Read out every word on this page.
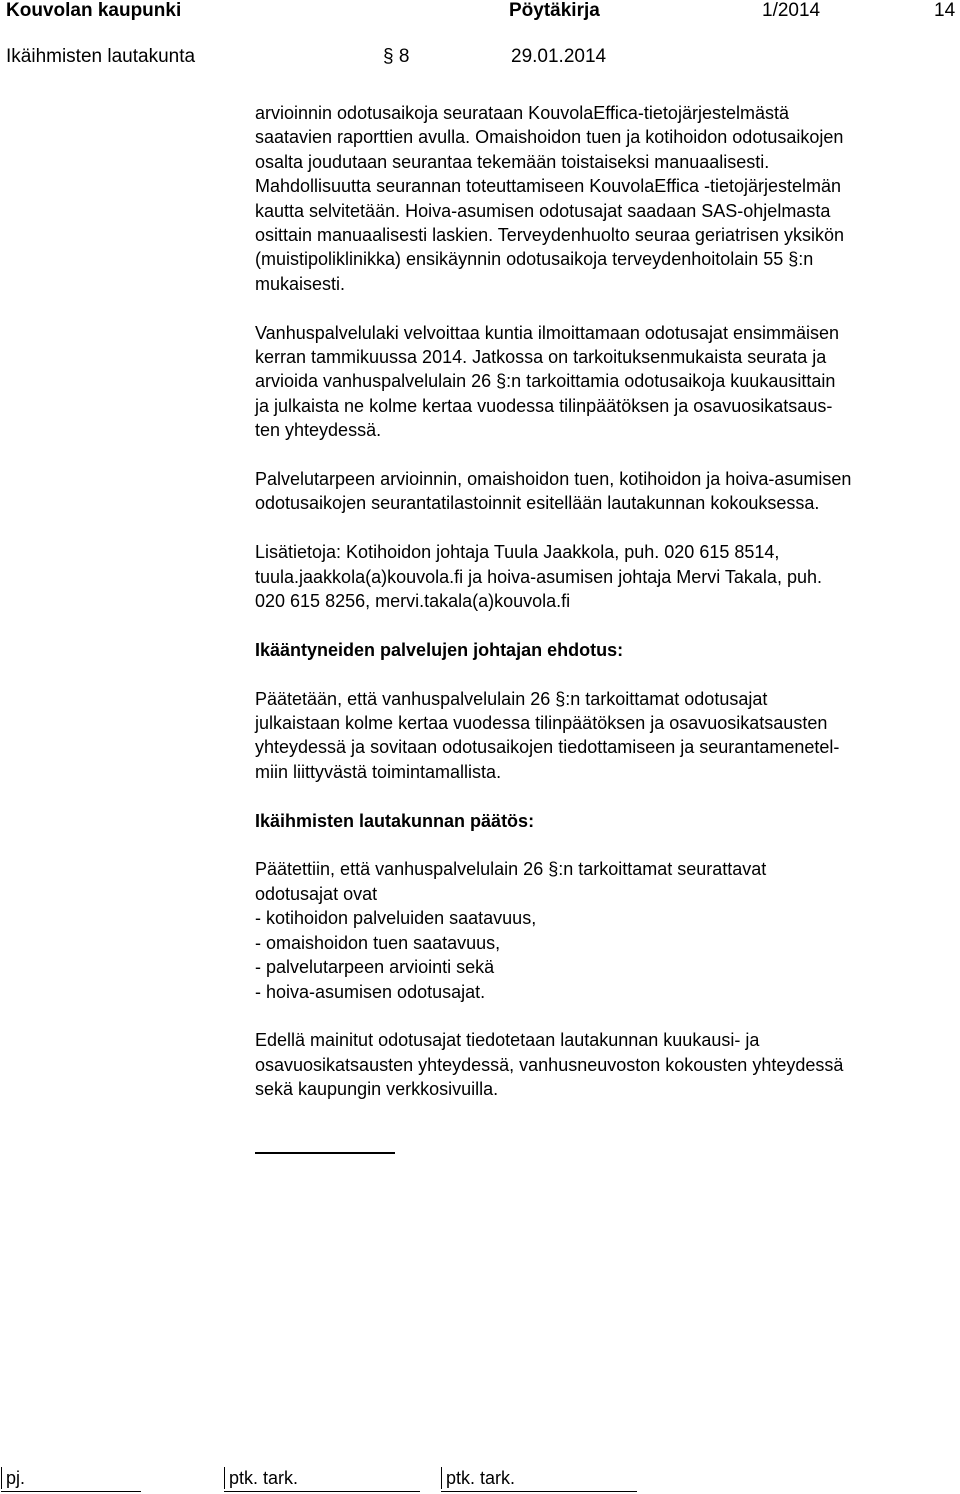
Kouvolan kaupunki	Pöytäkirja	1/2014	14
Ikäihmisten lautakunta	§ 8	29.01.2014

arvioinnin odotusaikoja seurataan KouvolaEffica-tietojärjestelmästä
saatavien raporttien avulla. Omaishoidon tuen ja kotihoidon odotusaikojen
osalta joudutaan seurantaa tekemään toistaiseksi manuaalisesti.
Mahdollisuutta seurannan toteuttamiseen KouvolaEffica -tietojärjestelmän
kautta selvitetään. Hoiva-asumisen odotusajat saadaan SAS-ohjelmasta
osittain manuaalisesti laskien. Terveydenhuolto seuraa geriatrisen yksikön
(muistipoliklinikka) ensikäynnin odotusaikoja terveydenhoitolain 55 §:n
mukaisesti.

Vanhuspalvelulaki velvoittaa kuntia ilmoittamaan odotusajat ensimmäisen
kerran tammikuussa 2014. Jatkossa on tarkoituksenmukaista seurata ja
arvioida vanhuspalvelulain 26 §:n tarkoittamia odotusaikoja kuukausittain
ja julkaista ne kolme kertaa vuodessa tilinpäätöksen ja osavuosikatsaus-
ten yhteydessä.

Palvelutarpeen arvioinnin, omaishoidon tuen, kotihoidon ja hoiva-asumisen
odotusaikojen seurantatilastoinnit esitellään lautakunnan kokouksessa.

Lisätietoja: Kotihoidon johtaja Tuula Jaakkola, puh. 020 615 8514,
tuula.jaakkola(a)kouvola.fi ja hoiva-asumisen johtaja Mervi Takala, puh.
020 615 8256, mervi.takala(a)kouvola.fi

Ikääntyneiden palvelujen johtajan ehdotus:

Päätetään, että vanhuspalvelulain 26 §:n tarkoittamat odotusajat
julkaistaan kolme kertaa vuodessa tilinpäätöksen ja osavuosikatsausten
yhteydessä ja sovitaan odotusaikojen tiedottamiseen ja seurantamenetel-
miin liittyvästä toimintamallista.

Ikäihmisten lautakunnan päätös:

Päätettiin, että vanhuspalvelulain 26 §:n tarkoittamat seurattavat
odotusajat ovat
- kotihoidon palveluiden saatavuus,
- omaishoidon tuen saatavuus,
- palvelutarpeen arviointi sekä
- hoiva-asumisen odotusajat.

Edellä mainitut odotusajat tiedotetaan lautakunnan kuukausi- ja
osavuosikatsausten yhteydessä, vanhusneuvoston kokousten yhteydessä
sekä kaupungin verkkosivuilla.

pj.	ptk. tark.	ptk. tark.
